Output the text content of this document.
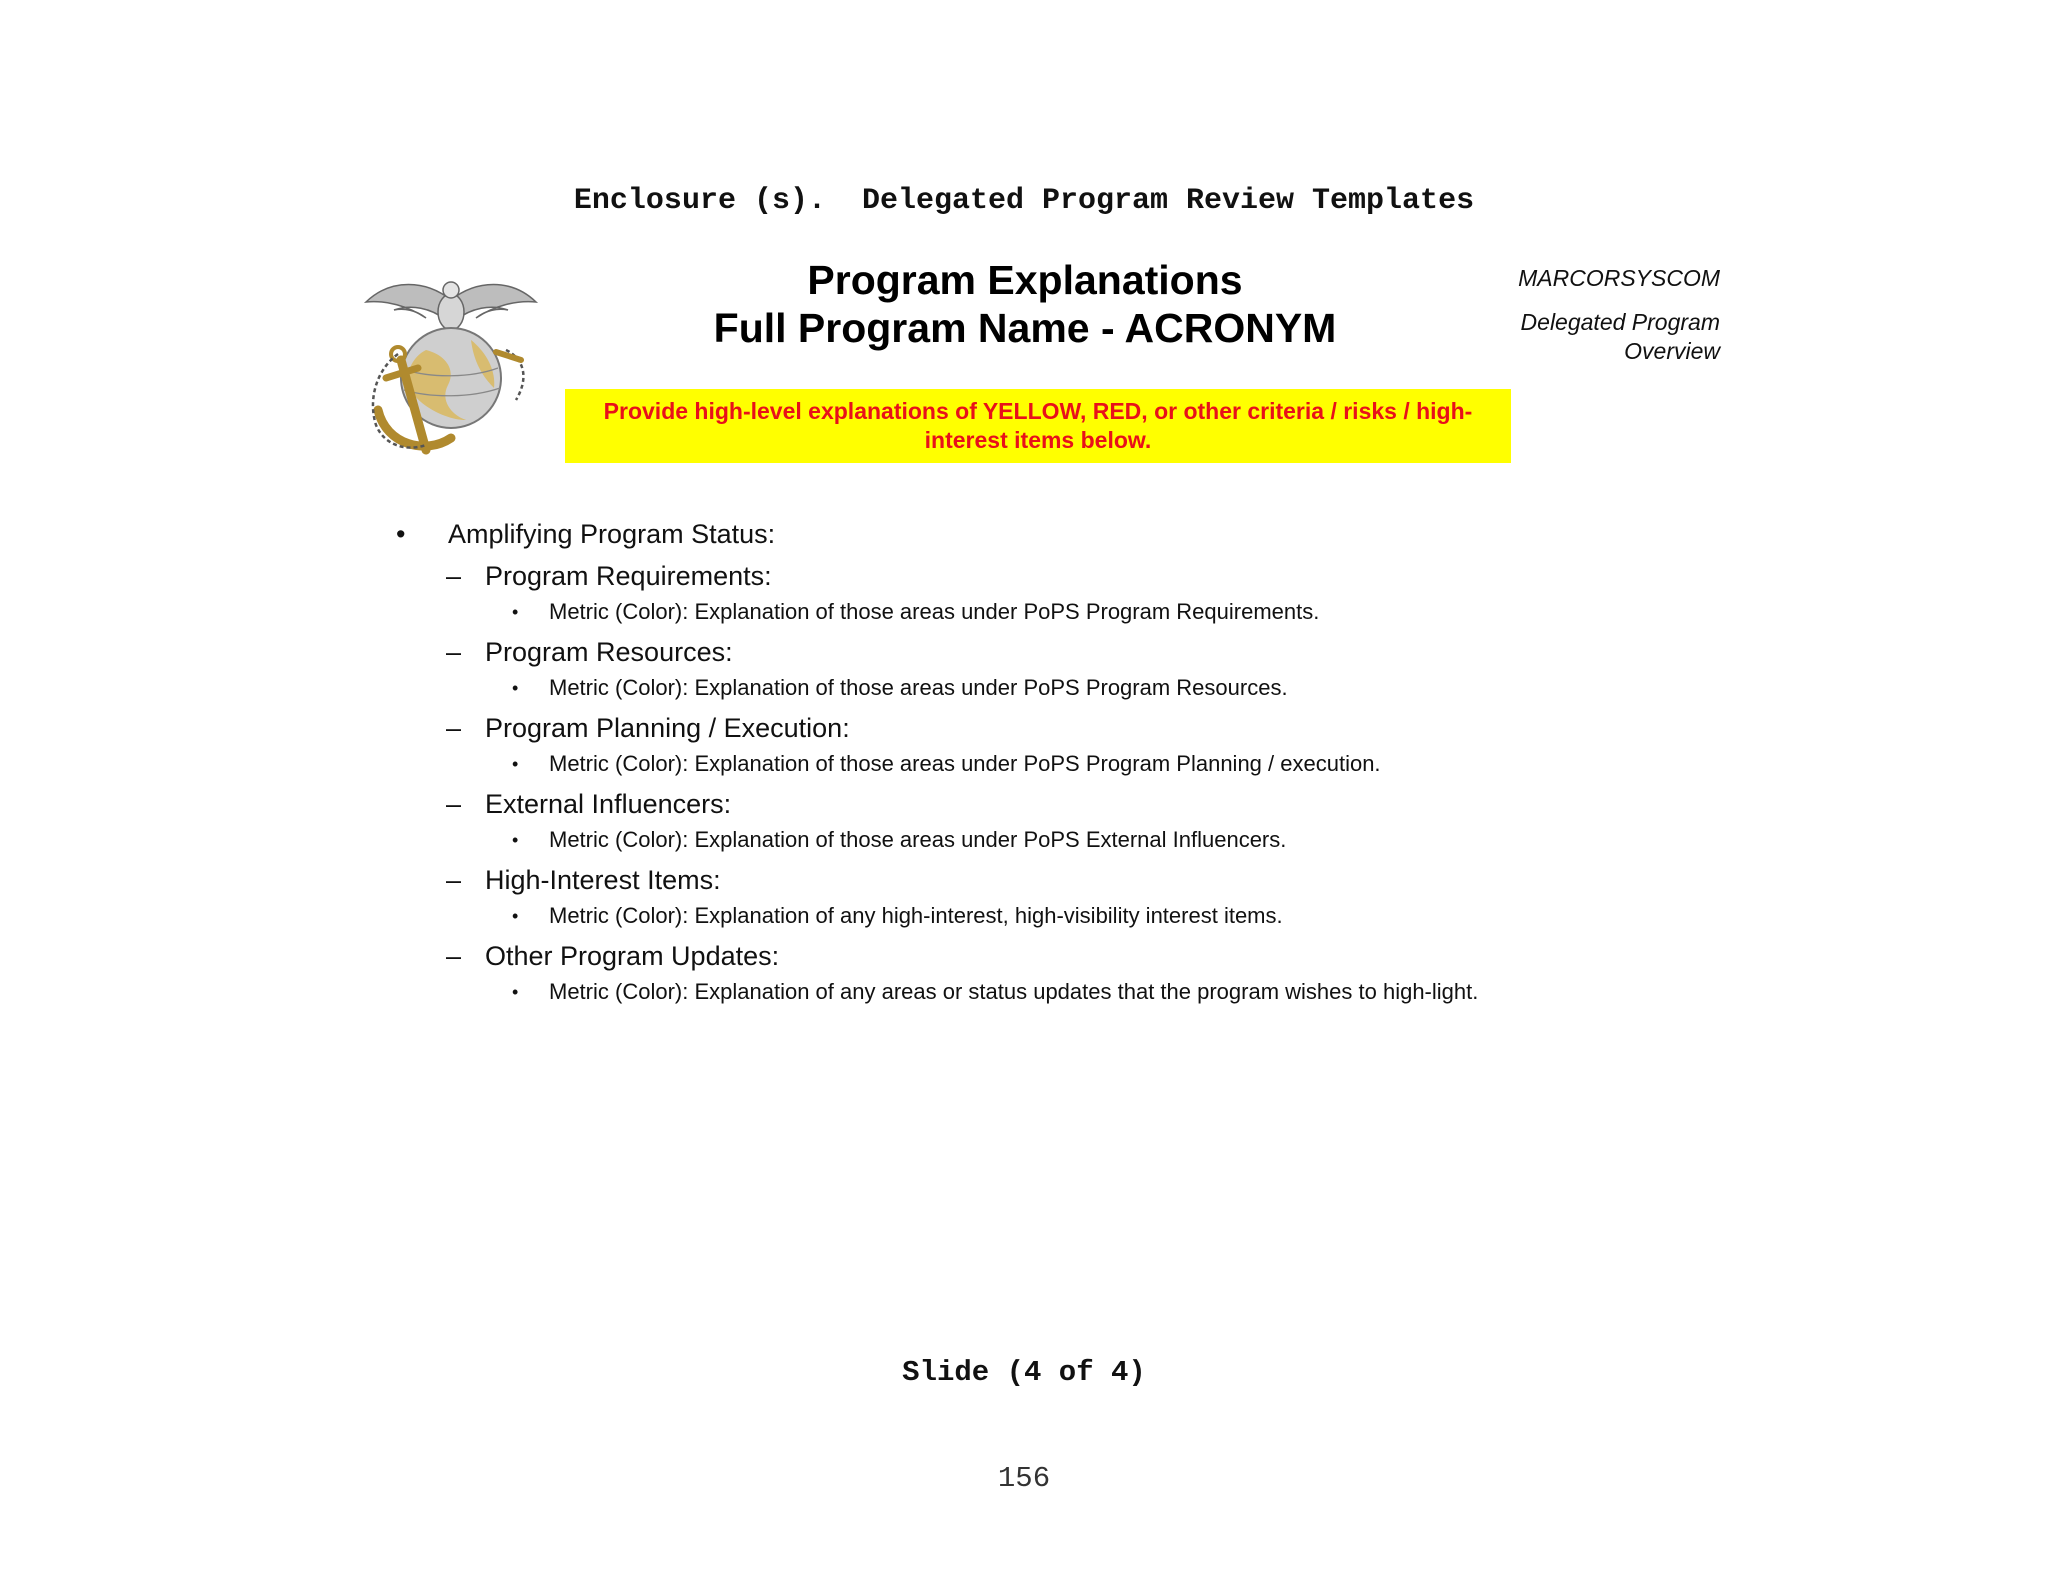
Enclosure (s).  Delegated Program Review Templates
Program Explanations
Full Program Name - ACRONYM
MARCORSYSCOM
Delegated Program
Overview
Provide high-level explanations of YELLOW, RED, or other criteria / risks / high-interest items below.
• Amplifying Program Status:
– Program Requirements:
• Metric (Color): Explanation of those areas under PoPS Program Requirements.
– Program Resources:
• Metric (Color): Explanation of those areas under PoPS Program Resources.
– Program Planning / Execution:
• Metric (Color): Explanation of those areas under PoPS Program Planning / execution.
– External Influencers:
• Metric (Color): Explanation of those areas under PoPS External Influencers.
– High-Interest Items:
• Metric (Color): Explanation of any high-interest, high-visibility interest items.
– Other Program Updates:
• Metric (Color): Explanation of any areas or status updates that the program wishes to high-light.
Slide (4 of 4)
156
